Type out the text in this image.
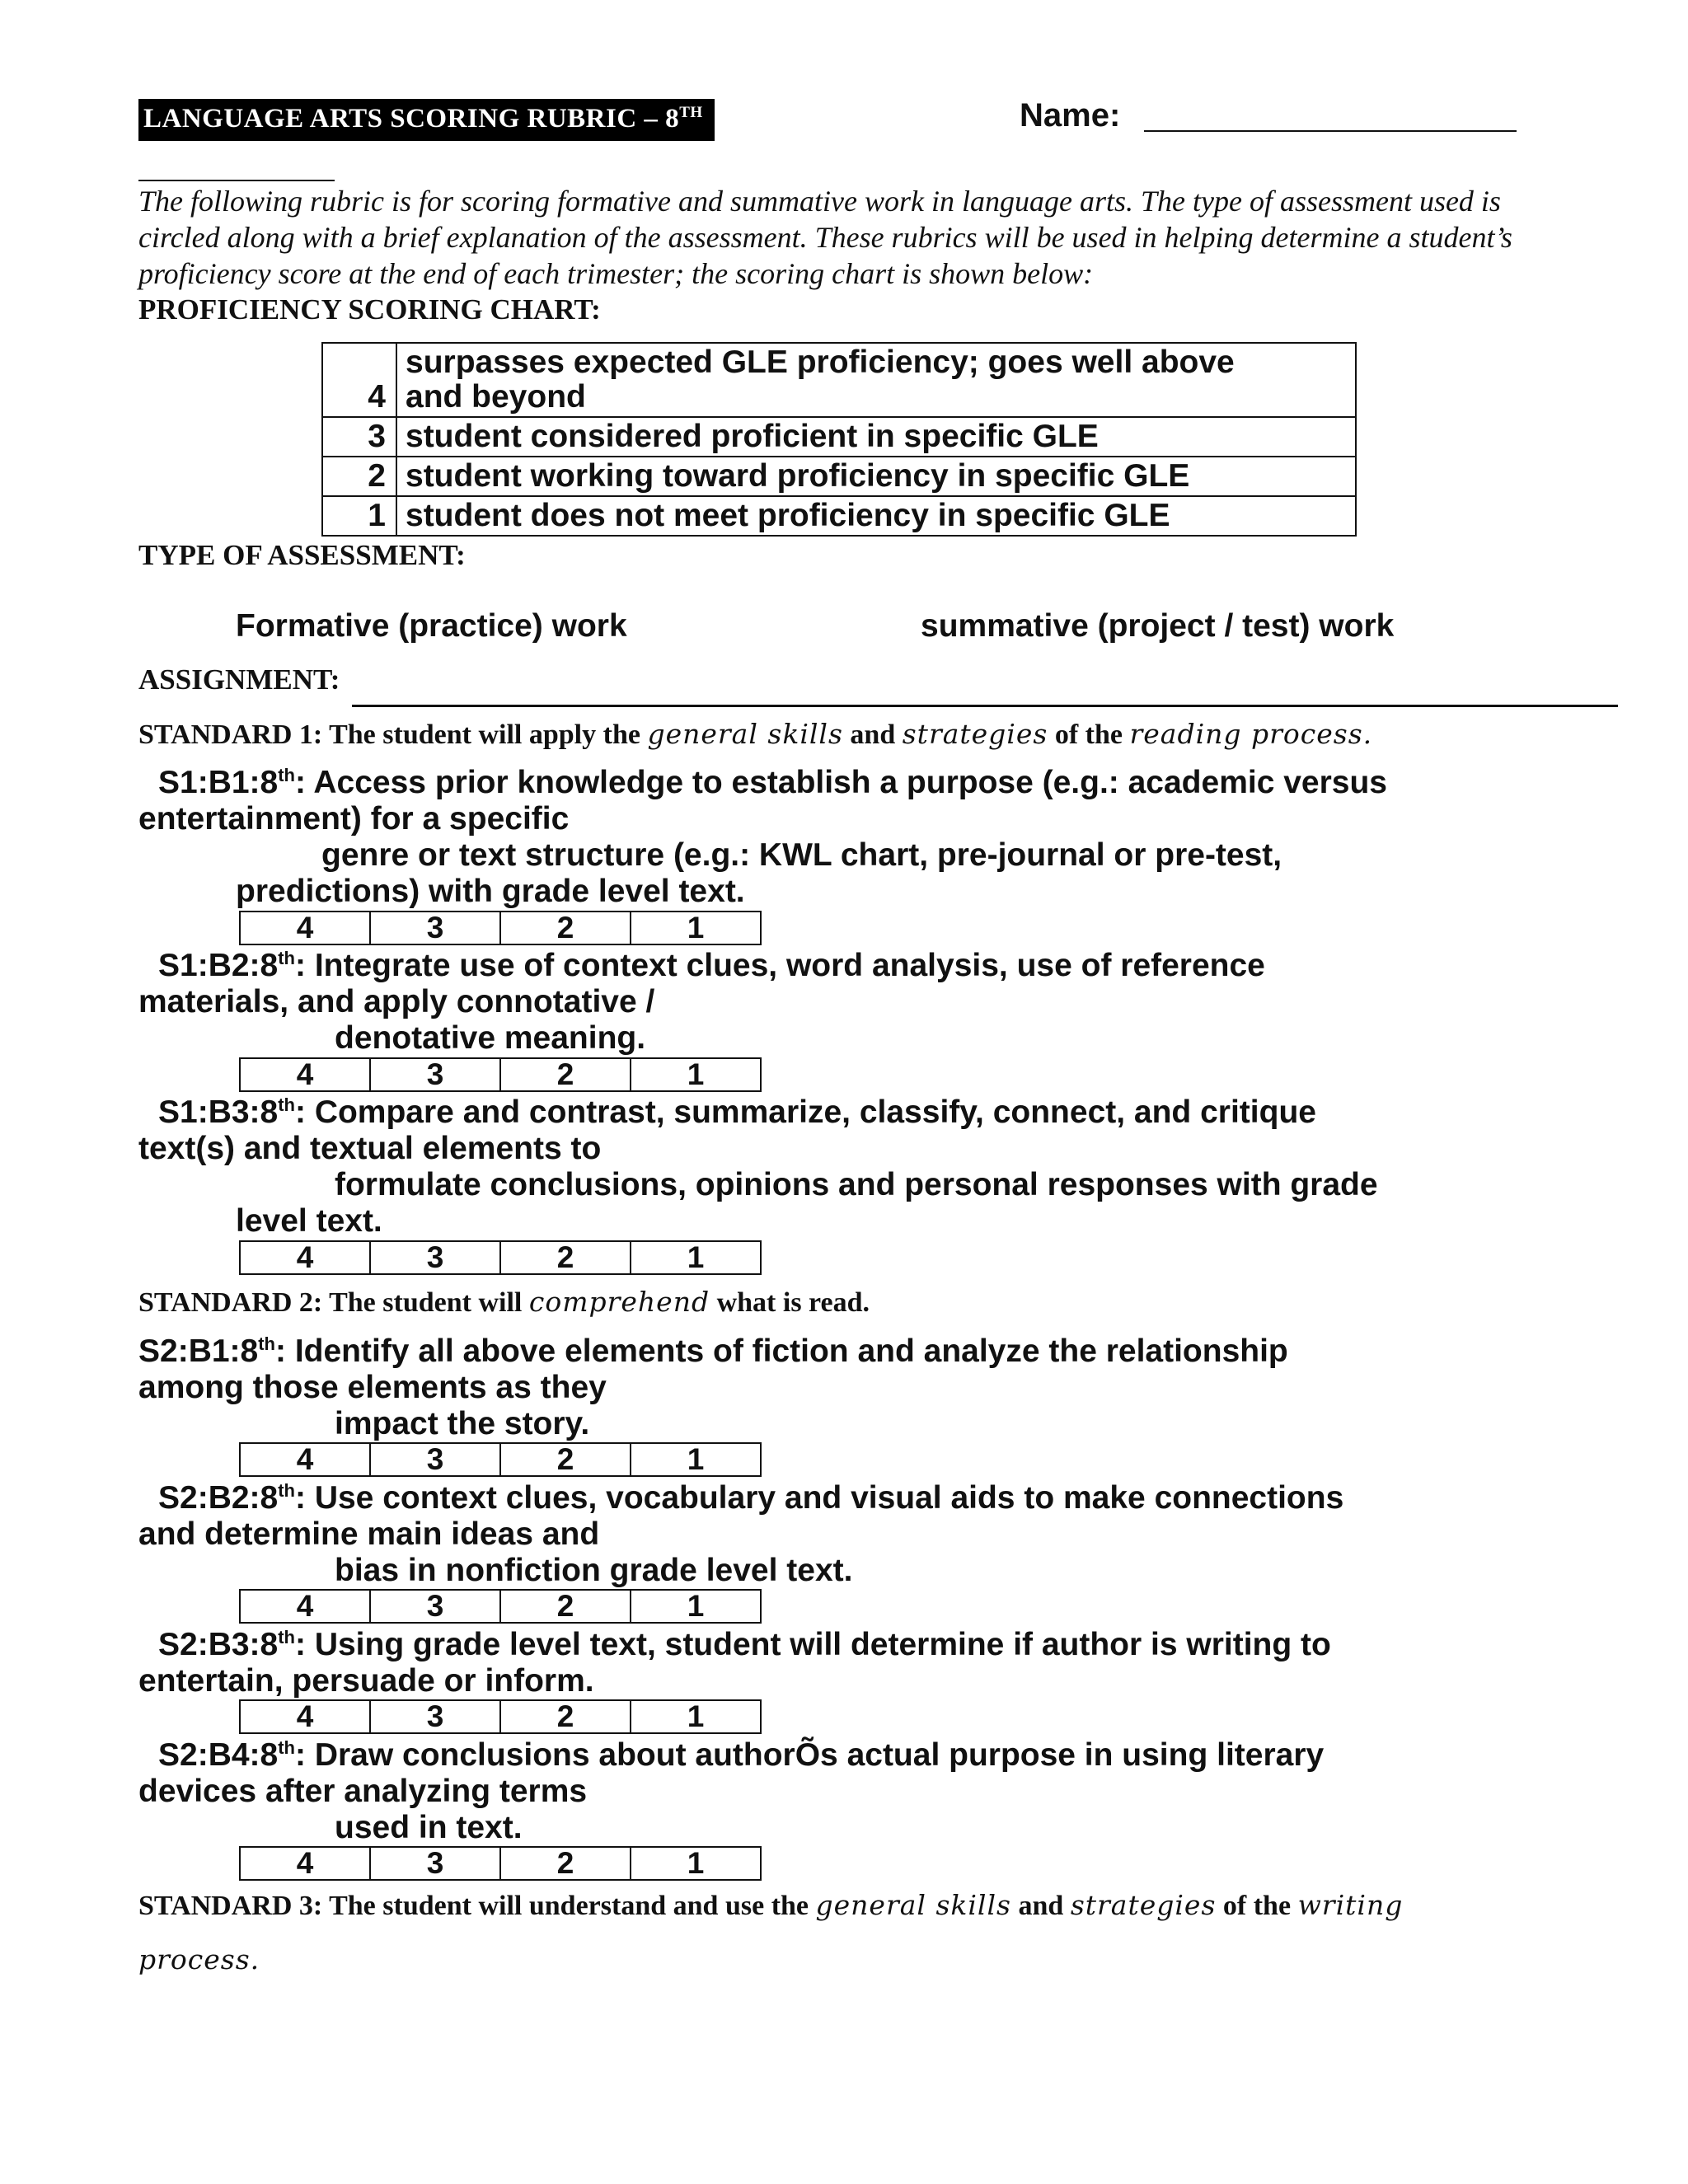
LANGUAGE ARTS SCORING RUBRIC – 8TH	Name:
The following rubric is for scoring formative and summative work in language arts. The type of assessment used is
circled along with a brief explanation of the assessment. These rubrics will be used in helping determine a student’s
proficiency score at the end of each trimester; the scoring chart is shown below:
PROFICIENCY SCORING CHART:
4	surpasses expected GLE proficiency; goes well above
and beyond

3	student considered proficient in specific GLE
2	student working toward proficiency in specific GLE
1	student does not meet proficiency in specific GLE
TYPE OF ASSESSMENT:
Formative (practice) work	summative (project / test) work
ASSIGNMENT:
STANDARD 1: The student will apply the general skills and strategies of the reading process.
S1:B1:8th: Access prior knowledge to establish a purpose (e.g.: academic versus
entertainment) for a specific
genre or text structure (e.g.: KWL chart, pre-journal or pre-test,
predictions) with grade level text.
4	3	2	1
S1:B2:8th: Integrate use of context clues, word analysis, use of reference
materials, and apply connotative /
denotative meaning.
4	3	2	1
S1:B3:8th: Compare and contrast, summarize, classify, connect, and critique
text(s) and textual elements to
formulate conclusions, opinions and personal responses with grade
level text.
4	3	2	1
STANDARD 2: The student will comprehend what is read.
S2:B1:8th: Identify all above elements of fiction and analyze the relationship
among those elements as they
impact the story.
4	3	2	1
S2:B2:8th: Use context clues, vocabulary and visual aids to make connections
and determine main ideas and
bias in nonfiction grade level text.
4	3	2	1
S2:B3:8th: Using grade level text, student will determine if author is writing to
entertain, persuade or inform.
4	3	2	1
S2:B4:8th: Draw conclusions about authorÕs actual purpose in using literary
devices after analyzing terms
used in text.
4	3	2	1
STANDARD 3: The student will understand and use the general skills and strategies of the writing
process.
